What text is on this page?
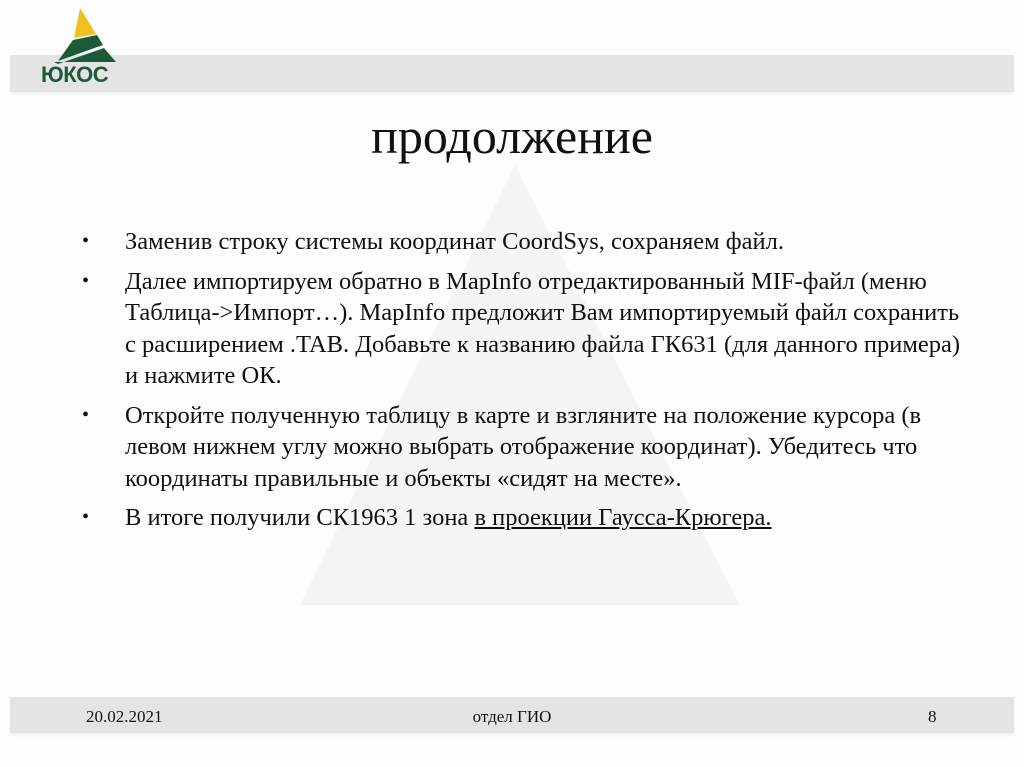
ЮКОС
продолжение
• Заменив строку системы координат CoordSys, сохраняем файл.
• Далее импортируем обратно в MapInfo отредактированный MIF-файл (меню Таблица->Импорт…). MapInfo предложит Вам импортируемый файл сохранить с расширением .TAB. Добавьте к названию файла ГК631 (для данного примера) и нажмите ОК.
• Откройте полученную таблицу в карте и взгляните на положение курсора (в левом нижнем углу можно выбрать отображение координат). Убедитесь что координаты правильные и объекты «сидят на месте».
• В итоге получили СК1963 1 зона в проекции Гаусса-Крюгера.
20.02.2021	отдел ГИО	8
